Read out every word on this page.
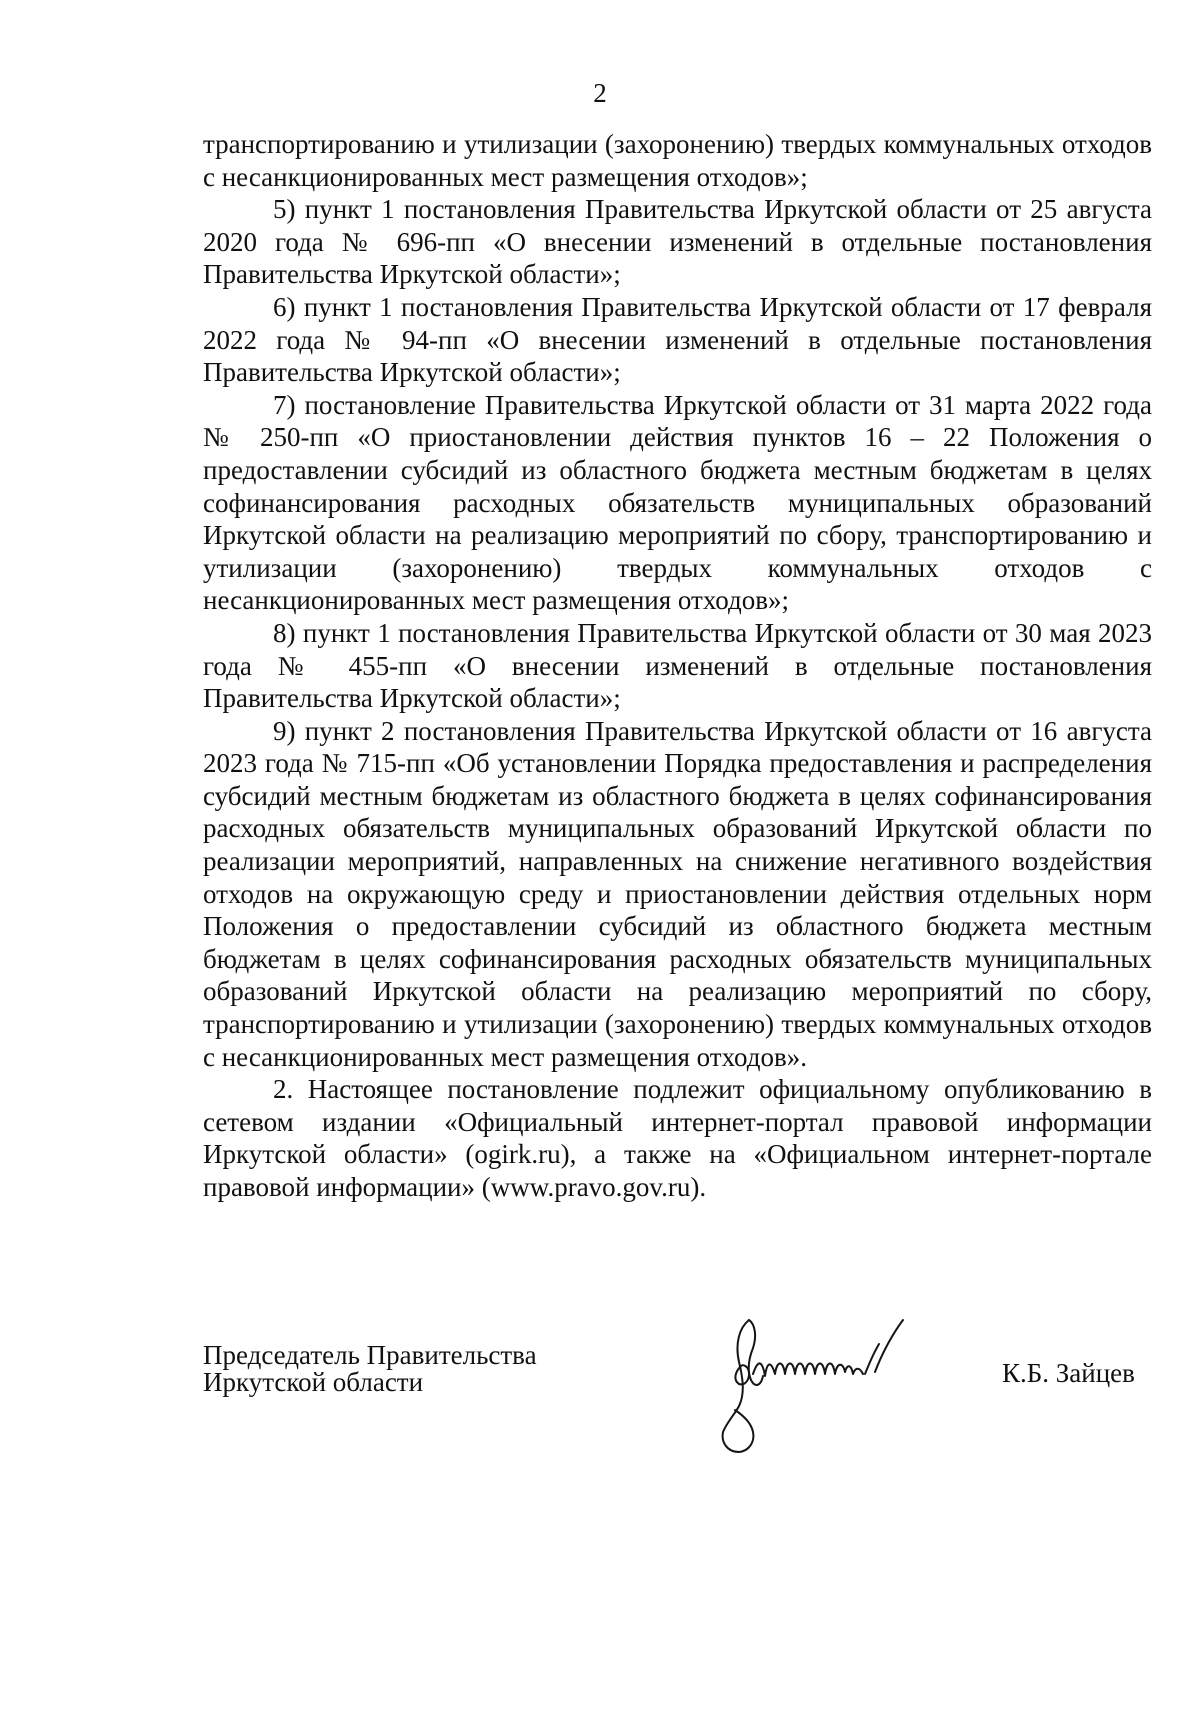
2

транспортированию и утилизации (захоронению) твердых коммунальных отходов с несанкционированных мест размещения отходов»;

5) пункт 1 постановления Правительства Иркутской области от 25 августа 2020 года № 696-пп «О внесении изменений в отдельные постановления Правительства Иркутской области»;

6) пункт 1 постановления Правительства Иркутской области от 17 февраля 2022 года № 94-пп «О внесении изменений в отдельные постановления Правительства Иркутской области»;

7) постановление Правительства Иркутской области от 31 марта 2022 года № 250-пп «О приостановлении действия пунктов 16 – 22 Положения о предоставлении субсидий из областного бюджета местным бюджетам в целях софинансирования расходных обязательств муниципальных образований Иркутской области на реализацию мероприятий по сбору, транспортированию и утилизации (захоронению) твердых коммунальных отходов с несанкционированных мест размещения отходов»;

8) пункт 1 постановления Правительства Иркутской области от 30 мая 2023 года № 455-пп «О внесении изменений в отдельные постановления Правительства Иркутской области»;

9) пункт 2 постановления Правительства Иркутской области от 16 августа 2023 года № 715-пп «Об установлении Порядка предоставления и распределения субсидий местным бюджетам из областного бюджета в целях софинансирования расходных обязательств муниципальных образований Иркутской области по реализации мероприятий, направленных на снижение негативного воздействия отходов на окружающую среду и приостановлении действия отдельных норм Положения о предоставлении субсидий из областного бюджета местным бюджетам в целях софинансирования расходных обязательств муниципальных образований Иркутской области на реализацию мероприятий по сбору, транспортированию и утилизации (захоронению) твердых коммунальных отходов с несанкционированных мест размещения отходов».

2. Настоящее постановление подлежит официальному опубликованию в сетевом издании «Официальный интернет-портал правовой информации Иркутской области» (ogirk.ru), а также на «Официальном интернет-портале правовой информации» (www.pravo.gov.ru).

Председатель Правительства
Иркутской области	К.Б. Зайцев
